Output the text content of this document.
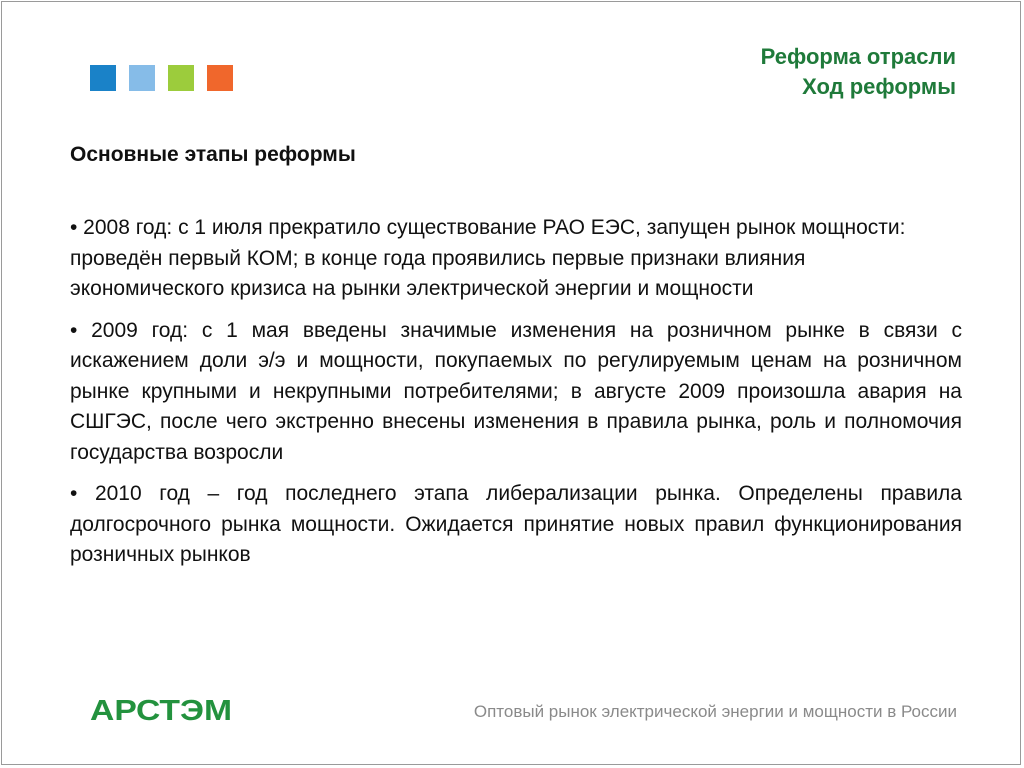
Реформа отрасли
Ход реформы
Основные этапы реформы

• 2008 год: с 1 июля прекратило существование РАО ЕЭС, запущен рынок мощности: проведён первый КОМ; в конце года проявились первые признаки влияния экономического кризиса на рынки электрической энергии и мощности

• 2009 год: с 1 мая введены значимые изменения на розничном рынке в связи с искажением доли э/э и мощности, покупаемых по регулируемым ценам на розничном рынке крупными и некрупными потребителями; в августе 2009 произошла авария на СШГЭС, после чего экстренно внесены изменения в правила рынка, роль и полномочия государства возросли

• 2010 год – год последнего этапа либерализации рынка. Определены правила долгосрочного рынка мощности. Ожидается принятие новых правил функционирования розничных рынков

АРСТЭМ	Оптовый рынок электрической энергии и мощности в России
